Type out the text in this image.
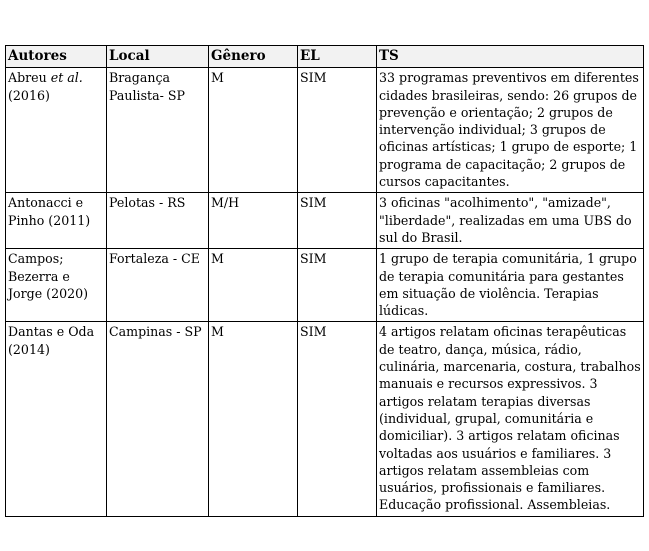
Autores	Local	Gênero	EL	TS
Abreu et al. (2016)	Bragança Paulista- SP	M	SIM	33 programas preventivos em diferentes cidades brasileiras, sendo: 26 grupos de prevenção e orientação; 2 grupos de intervenção individual; 3 grupos de oficinas artísticas; 1 grupo de esporte; 1 programa de capacitação; 2 grupos de cursos capacitantes.
Antonacci e Pinho (2011)	Pelotas - RS	M/H	SIM	3 oficinas "acolhimento", "amizade", "liberdade", realizadas em uma UBS do sul do Brasil.
Campos; Bezerra e Jorge (2020)	Fortaleza - CE	M	SIM	1 grupo de terapia comunitária, 1 grupo de terapia comunitária para gestantes em situação de violência. Terapias lúdicas.
Dantas e Oda (2014)	Campinas - SP	M	SIM	4 artigos relatam oficinas terapêuticas de teatro, dança, música, rádio, culinária, marcenaria, costura, trabalhos manuais e recursos expressivos. 3 artigos relatam terapias diversas (individual, grupal, comunitária e domiciliar). 3 artigos relatam oficinas voltadas aos usuários e familiares. 3 artigos relatam assembleias com usuários, profissionais e familiares. Educação profissional. Assembleias.
